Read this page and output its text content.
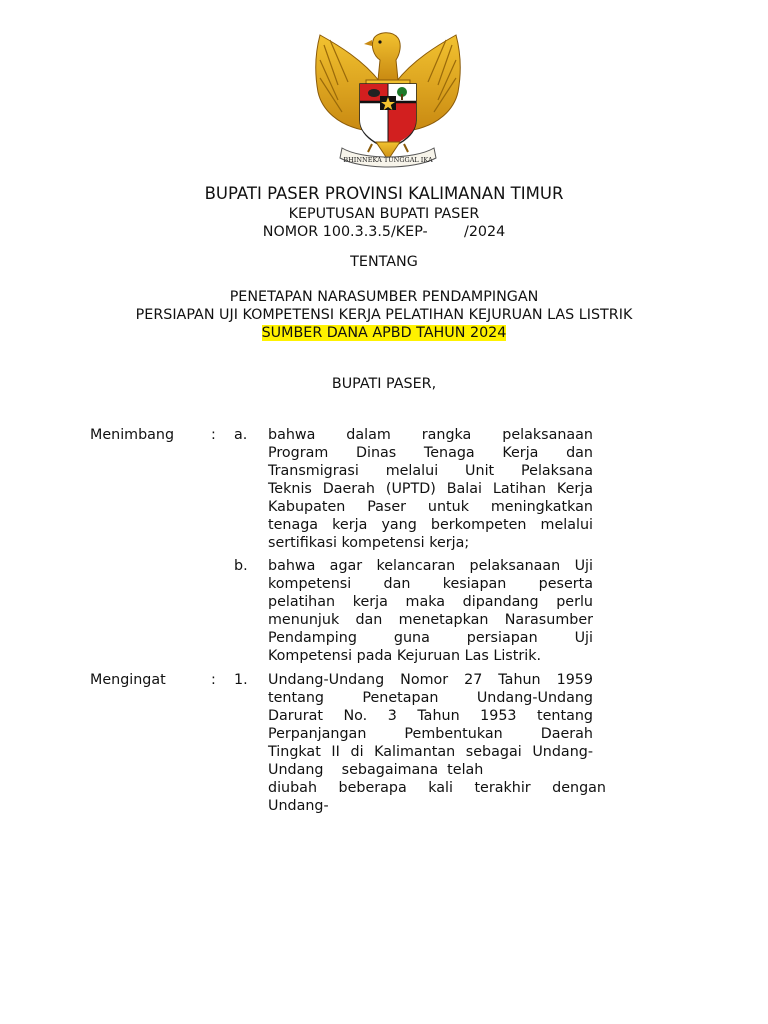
BHINNEKA TUNGGAL IKA
BUPATI PASER PROVINSI KALIMANAN TIMUR
KEPUTUSAN BUPATI PASER
NOMOR 100.3.3.5/KEP-        /2024
TENTANG
PENETAPAN NARASUMBER PENDAMPINGAN
PERSIAPAN UJI KOMPETENSI KERJA PELATIHAN KEJURUAN LAS LISTRIK
SUMBER DANA APBD TAHUN 2024
BUPATI PASER,
Menimbang	: a. bahwa dalam rangka pelaksanaan
Program Dinas Tenaga Kerja dan
Transmigrasi melalui Unit Pelaksana
Teknis Daerah (UPTD) Balai Latihan Kerja
Kabupaten Paser untuk meningkatkan
tenaga kerja yang berkompeten melalui
sertifikasi kompetensi kerja;
b. bahwa agar kelancaran pelaksanaan Uji
kompetensi dan kesiapan peserta
pelatihan kerja maka dipandang perlu
menunjuk dan menetapkan Narasumber
Pendamping guna persiapan Uji
Kompetensi pada Kejuruan Las Listrik.
Mengingat	: 1. Undang-Undang Nomor 27 Tahun 1959
tentang Penetapan Undang-Undang
Darurat No. 3 Tahun 1953 tentang
Perpanjangan Pembentukan Daerah
Tingkat II di Kalimantan sebagai Undang-
Undang    sebagaimana  telah
diubah beberapa kali terakhir dengan
Undang-
